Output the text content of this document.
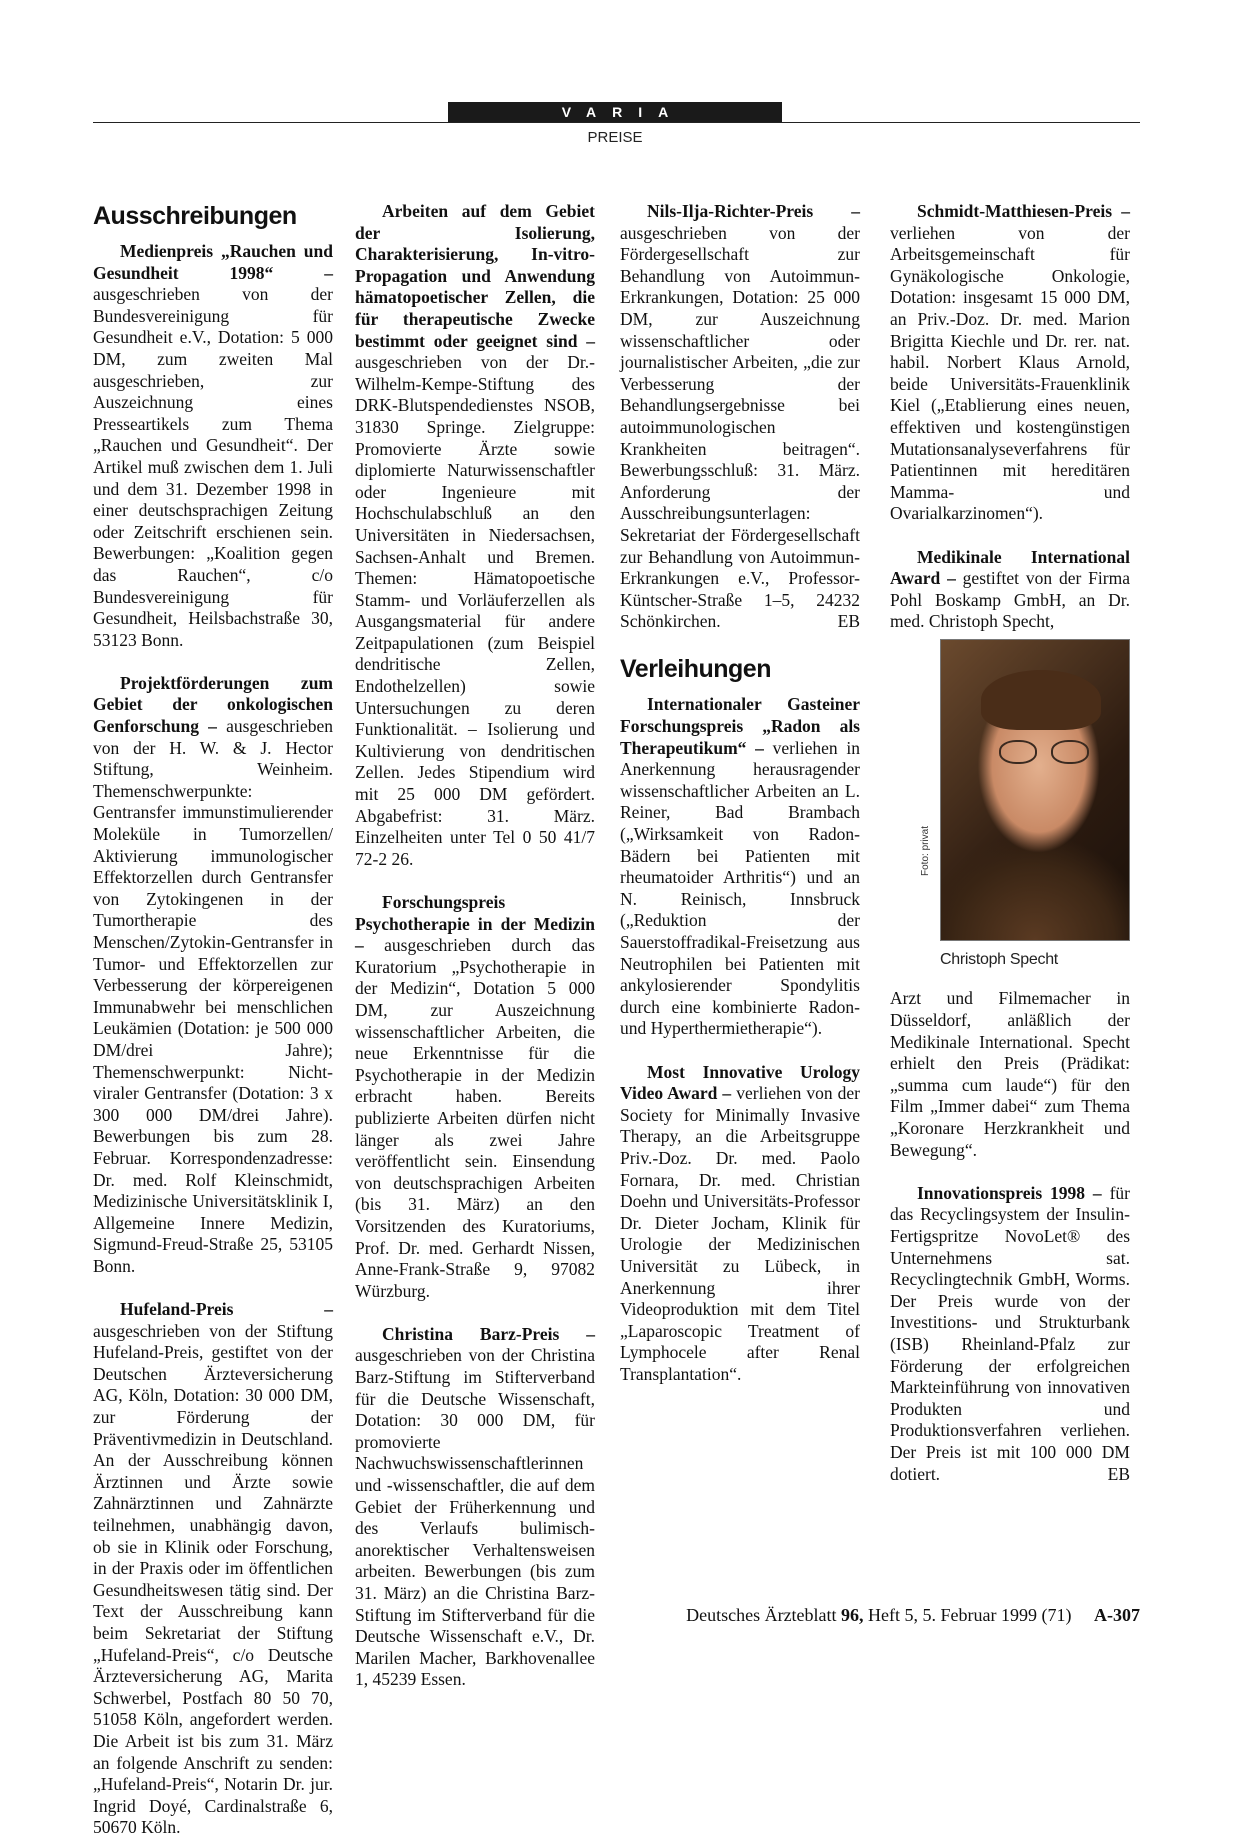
VARIA
PREISE
Ausschreibungen

Medienpreis „Rauchen und Gesundheit 1998“ – ausgeschrieben von der Bundesvereinigung für Gesundheit e.V., Dotation: 5 000 DM, zum zweiten Mal ausgeschrieben, zur Auszeichnung eines Presseartikels zum Thema „Rauchen und Gesundheit“. Der Artikel muß zwischen dem 1. Juli und dem 31. Dezember 1998 in einer deutschsprachigen Zeitung oder Zeitschrift erschienen sein. Bewerbungen: „Koalition gegen das Rauchen“, c/o Bundesvereinigung für Gesundheit, Heilsbachstraße 30, 53123 Bonn.

Projektförderungen zum Gebiet der onkologischen Genforschung – ausgeschrieben von der H. W. & J. Hector Stiftung, Weinheim. Themenschwerpunkte: Gentransfer immunstimulierender Moleküle in Tumorzellen/ Aktivierung immunologischer Effektorzellen durch Gentransfer von Zytokingenen in der Tumortherapie des Menschen/Zytokin-Gentransfer in Tumor- und Effektorzellen zur Verbesserung der körpereigenen Immunabwehr bei menschlichen Leukämien (Dotation: je 500 000 DM/drei Jahre); Themenschwerpunkt: Nicht-viraler Gentransfer (Dotation: 3 x 300 000 DM/drei Jahre). Bewerbungen bis zum 28. Februar. Korrespondenzadresse: Dr. med. Rolf Kleinschmidt, Medizinische Universitätsklinik I, Allgemeine Innere Medizin, Sigmund-Freud-Straße 25, 53105 Bonn.

Hufeland-Preis – ausgeschrieben von der Stiftung Hufeland-Preis, gestiftet von der Deutschen Ärzteversicherung AG, Köln, Dotation: 30 000 DM, zur Förderung der Präventivmedizin in Deutschland. An der Ausschreibung können Ärztinnen und Ärzte sowie Zahnärztinnen und Zahnärzte teilnehmen, unabhängig davon, ob sie in Klinik oder Forschung, in der Praxis oder im öffentlichen Gesundheitswesen tätig sind. Der Text der Ausschreibung kann beim Sekretariat der Stiftung „Hufeland-Preis“, c/o Deutsche Ärzteversicherung AG, Marita Schwerbel, Postfach 80 50 70, 51058 Köln, angefordert werden. Die Arbeit ist bis zum 31. März an folgende Anschrift zu senden: „Hufeland-Preis“, Notarin Dr. jur. Ingrid Doyé, Cardinalstraße 6, 50670 Köln.

Arbeiten auf dem Gebiet der Isolierung, Charakterisierung, In-vitro-Propagation und Anwendung hämatopoetischer Zellen, die für therapeutische Zwecke bestimmt oder geeignet sind – ausgeschrieben von der Dr.-Wilhelm-Kempe-Stiftung des DRK-Blutspendedienstes NSOB, 31830 Springe. Zielgruppe: Promovierte Ärzte sowie diplomierte Naturwissenschaftler oder Ingenieure mit Hochschulabschluß an den Universitäten in Niedersachsen, Sachsen-Anhalt und Bremen. Themen: Hämatopoetische Stamm- und Vorläuferzellen als Ausgangsmaterial für andere Zeitpapulationen (zum Beispiel dendritische Zellen, Endothelzellen) sowie Untersuchungen zu deren Funktionalität. – Isolierung und Kultivierung von dendritischen Zellen. Jedes Stipendium wird mit 25 000 DM gefördert. Abgabefrist: 31. März. Einzelheiten unter Tel 0 50 41/7 72-2 26.

Forschungspreis Psychotherapie in der Medizin – ausgeschrieben durch das Kuratorium „Psychotherapie in der Medizin“, Dotation 5 000 DM, zur Auszeichnung wissenschaftlicher Arbeiten, die neue Erkenntnisse für die Psychotherapie in der Medizin erbracht haben. Bereits publizierte Arbeiten dürfen nicht länger als zwei Jahre veröffentlicht sein. Einsendung von deutschsprachigen Arbeiten (bis 31. März) an den Vorsitzenden des Kuratoriums, Prof. Dr. med. Gerhardt Nissen, Anne-Frank-Straße 9, 97082 Würzburg.

Christina Barz-Preis – ausgeschrieben von der Christina Barz-Stiftung im Stifterverband für die Deutsche Wissenschaft, Dotation: 30 000 DM, für promovierte Nachwuchswissenschaftlerinnen und -wissenschaftler, die auf dem Gebiet der Früherkennung und des Verlaufs bulimisch-anorektischer Verhaltensweisen arbeiten. Bewerbungen (bis zum 31. März) an die Christina Barz-Stiftung im Stifterverband für die Deutsche Wissenschaft e.V., Dr. Marilen Macher, Barkhovenallee 1, 45239 Essen.

Nils-Ilja-Richter-Preis – ausgeschrieben von der Fördergesellschaft zur Behandlung von Autoimmun-Erkrankungen, Dotation: 25 000 DM, zur Auszeichnung wissenschaftlicher oder journalistischer Arbeiten, „die zur Verbesserung der Behandlungsergebnisse bei autoimmunologischen Krankheiten beitragen“. Bewerbungsschluß: 31. März. Anforderung der Ausschreibungsunterlagen: Sekretariat der Fördergesellschaft zur Behandlung von Autoimmun-Erkrankungen e.V., Professor-Küntscher-Straße 1–5, 24232 Schönkirchen.	EB

Verleihungen

Internationaler Gasteiner Forschungspreis „Radon als Therapeutikum“ – verliehen in Anerkennung herausragender wissenschaftlicher Arbeiten an L. Reiner, Bad Brambach („Wirksamkeit von Radon-Bädern bei Patienten mit rheumatoider Arthritis“) und an N. Reinisch, Innsbruck („Reduktion der Sauerstoffradikal-Freisetzung aus Neutrophilen bei Patienten mit ankylosierender Spondylitis durch eine kombinierte Radon- und Hyperthermietherapie“).

Most Innovative Urology Video Award – verliehen von der Society for Minimally Invasive Therapy, an die Arbeitsgruppe Priv.-Doz. Dr. med. Paolo Fornara, Dr. med. Christian Doehn und Universitäts-Professor Dr. Dieter Jocham, Klinik für Urologie der Medizinischen Universität zu Lübeck, in Anerkennung ihrer Videoproduktion mit dem Titel „Laparoscopic Treatment of Lymphocele after Renal Transplantation“.

Schmidt-Matthiesen-Preis – verliehen von der Arbeitsgemeinschaft für Gynäkologische Onkologie, Dotation: insgesamt 15 000 DM, an Priv.-Doz. Dr. med. Marion Brigitta Kiechle und Dr. rer. nat. habil. Norbert Klaus Arnold, beide Universitäts-Frauenklinik Kiel („Etablierung eines neuen, effektiven und kostengünstigen Mutationsanalyseverfahrens für Patientinnen mit hereditären Mamma- und Ovarialkarzinomen“).

Medikinale International Award – gestiftet von der Firma Pohl Boskamp GmbH, an Dr. med. Christoph Specht,

Foto: privat
Christoph Specht

Arzt und Filmemacher in Düsseldorf, anläßlich der Medikinale International. Specht erhielt den Preis (Prädikat: „summa cum laude“) für den Film „Immer dabei“ zum Thema „Koronare Herzkrankheit und Bewegung“.

Innovationspreis 1998 – für das Recyclingsystem der Insulin-Fertigspritze NovoLet® des Unternehmens sat. Recyclingtechnik GmbH, Worms. Der Preis wurde von der Investitions- und Strukturbank (ISB) Rheinland-Pfalz zur Förderung der erfolgreichen Markteinführung von innovativen Produkten und Produktionsverfahren verliehen. Der Preis ist mit 100 000 DM dotiert.	EB

Deutsches Ärzteblatt 96, Heft 5, 5. Februar 1999 (71) A-307
